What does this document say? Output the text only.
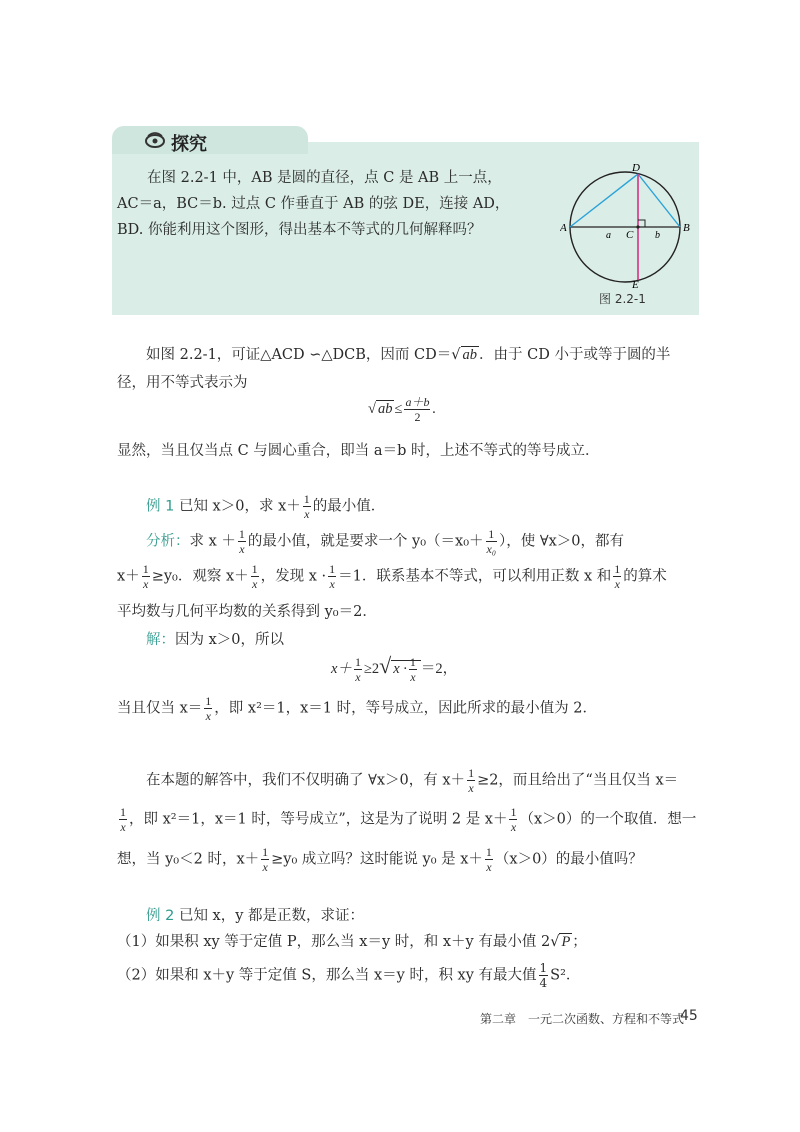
探究
在图 2.2-1 中，AB 是圆的直径，点 C 是 AB 上一点，
AC＝a，BC＝b. 过点 C 作垂直于 AB 的弦 DE，连接 AD，
BD. 你能利用这个图形，得出基本不等式的几何解释吗？
D
A	B
C
a	b
E
图 2.2-1
如图 2.2-1，可证△ACD ∽△DCB，因而 CD＝√ ab ．由于 CD 小于或等于圆的半
径，用不等式表示为
√ ab ≤ $\frac{a+b}{2}$ .
显然，当且仅当点 C 与圆心重合，即当 a＝b 时，上述不等式的等号成立．
例 1 已知 x＞0，求 $x+ \frac{1}{x}$ 的最小值．
分析：求 $x + \frac{1}{x}$ 的最小值，就是要求一个 $y_0(=x_0+ \frac{1}{\text{x₀}}$ ），使 ∀x＞0，都有
$x+ \frac{1}{x} \ge y_0$．观察 $x+ \frac{1}{x}$ ，发现 $x \cdot \frac{1}{x} =1$．联系基本不等式，可以利用正数 x 和 $\frac{1}{x}$ 的算术
平均数与几何平均数的关系得到 y₀＝2．
解：因为 x＞0，所以
$x+ \frac{1}{x} \ge 2√$ $x \cdot \frac{1}{x} =2$，
当且仅当 $x= \frac{1}{x}$ ，即 x²＝1，x＝1 时，等号成立，因此所求的最小值为 2．
在本题的解答中，我们不仅明确了 ∀x＞0，有 $x+ \frac{1}{x} \ge 2$，而且给出了“当且仅当 x＝
$\frac{1}{x}$ ，即 x²＝1，x＝1 时，等号成立”，这是为了说明 2 是 $x+ \frac{1}{x} (x>0)$的一个取值．想一
想，当 y₀＜2 时，$x+ \frac{1}{x} \ge y_0$ 成立吗？这时能说 y₀ 是 $x+ \frac{1}{x} (x>0)$的最小值吗？
例 2 已知 x，y 都是正数，求证：
（1）如果积 xy 等于定值 P，那么当 x＝y 时，和 x＋y 有最小值 2√ P ；
（2）如果和 x＋y 等于定值 S，那么当 x＝y 时，积 xy 有最大值 $\frac{1}{4} S^2$．
第二章　一元二次函数、方程和不等式
45
